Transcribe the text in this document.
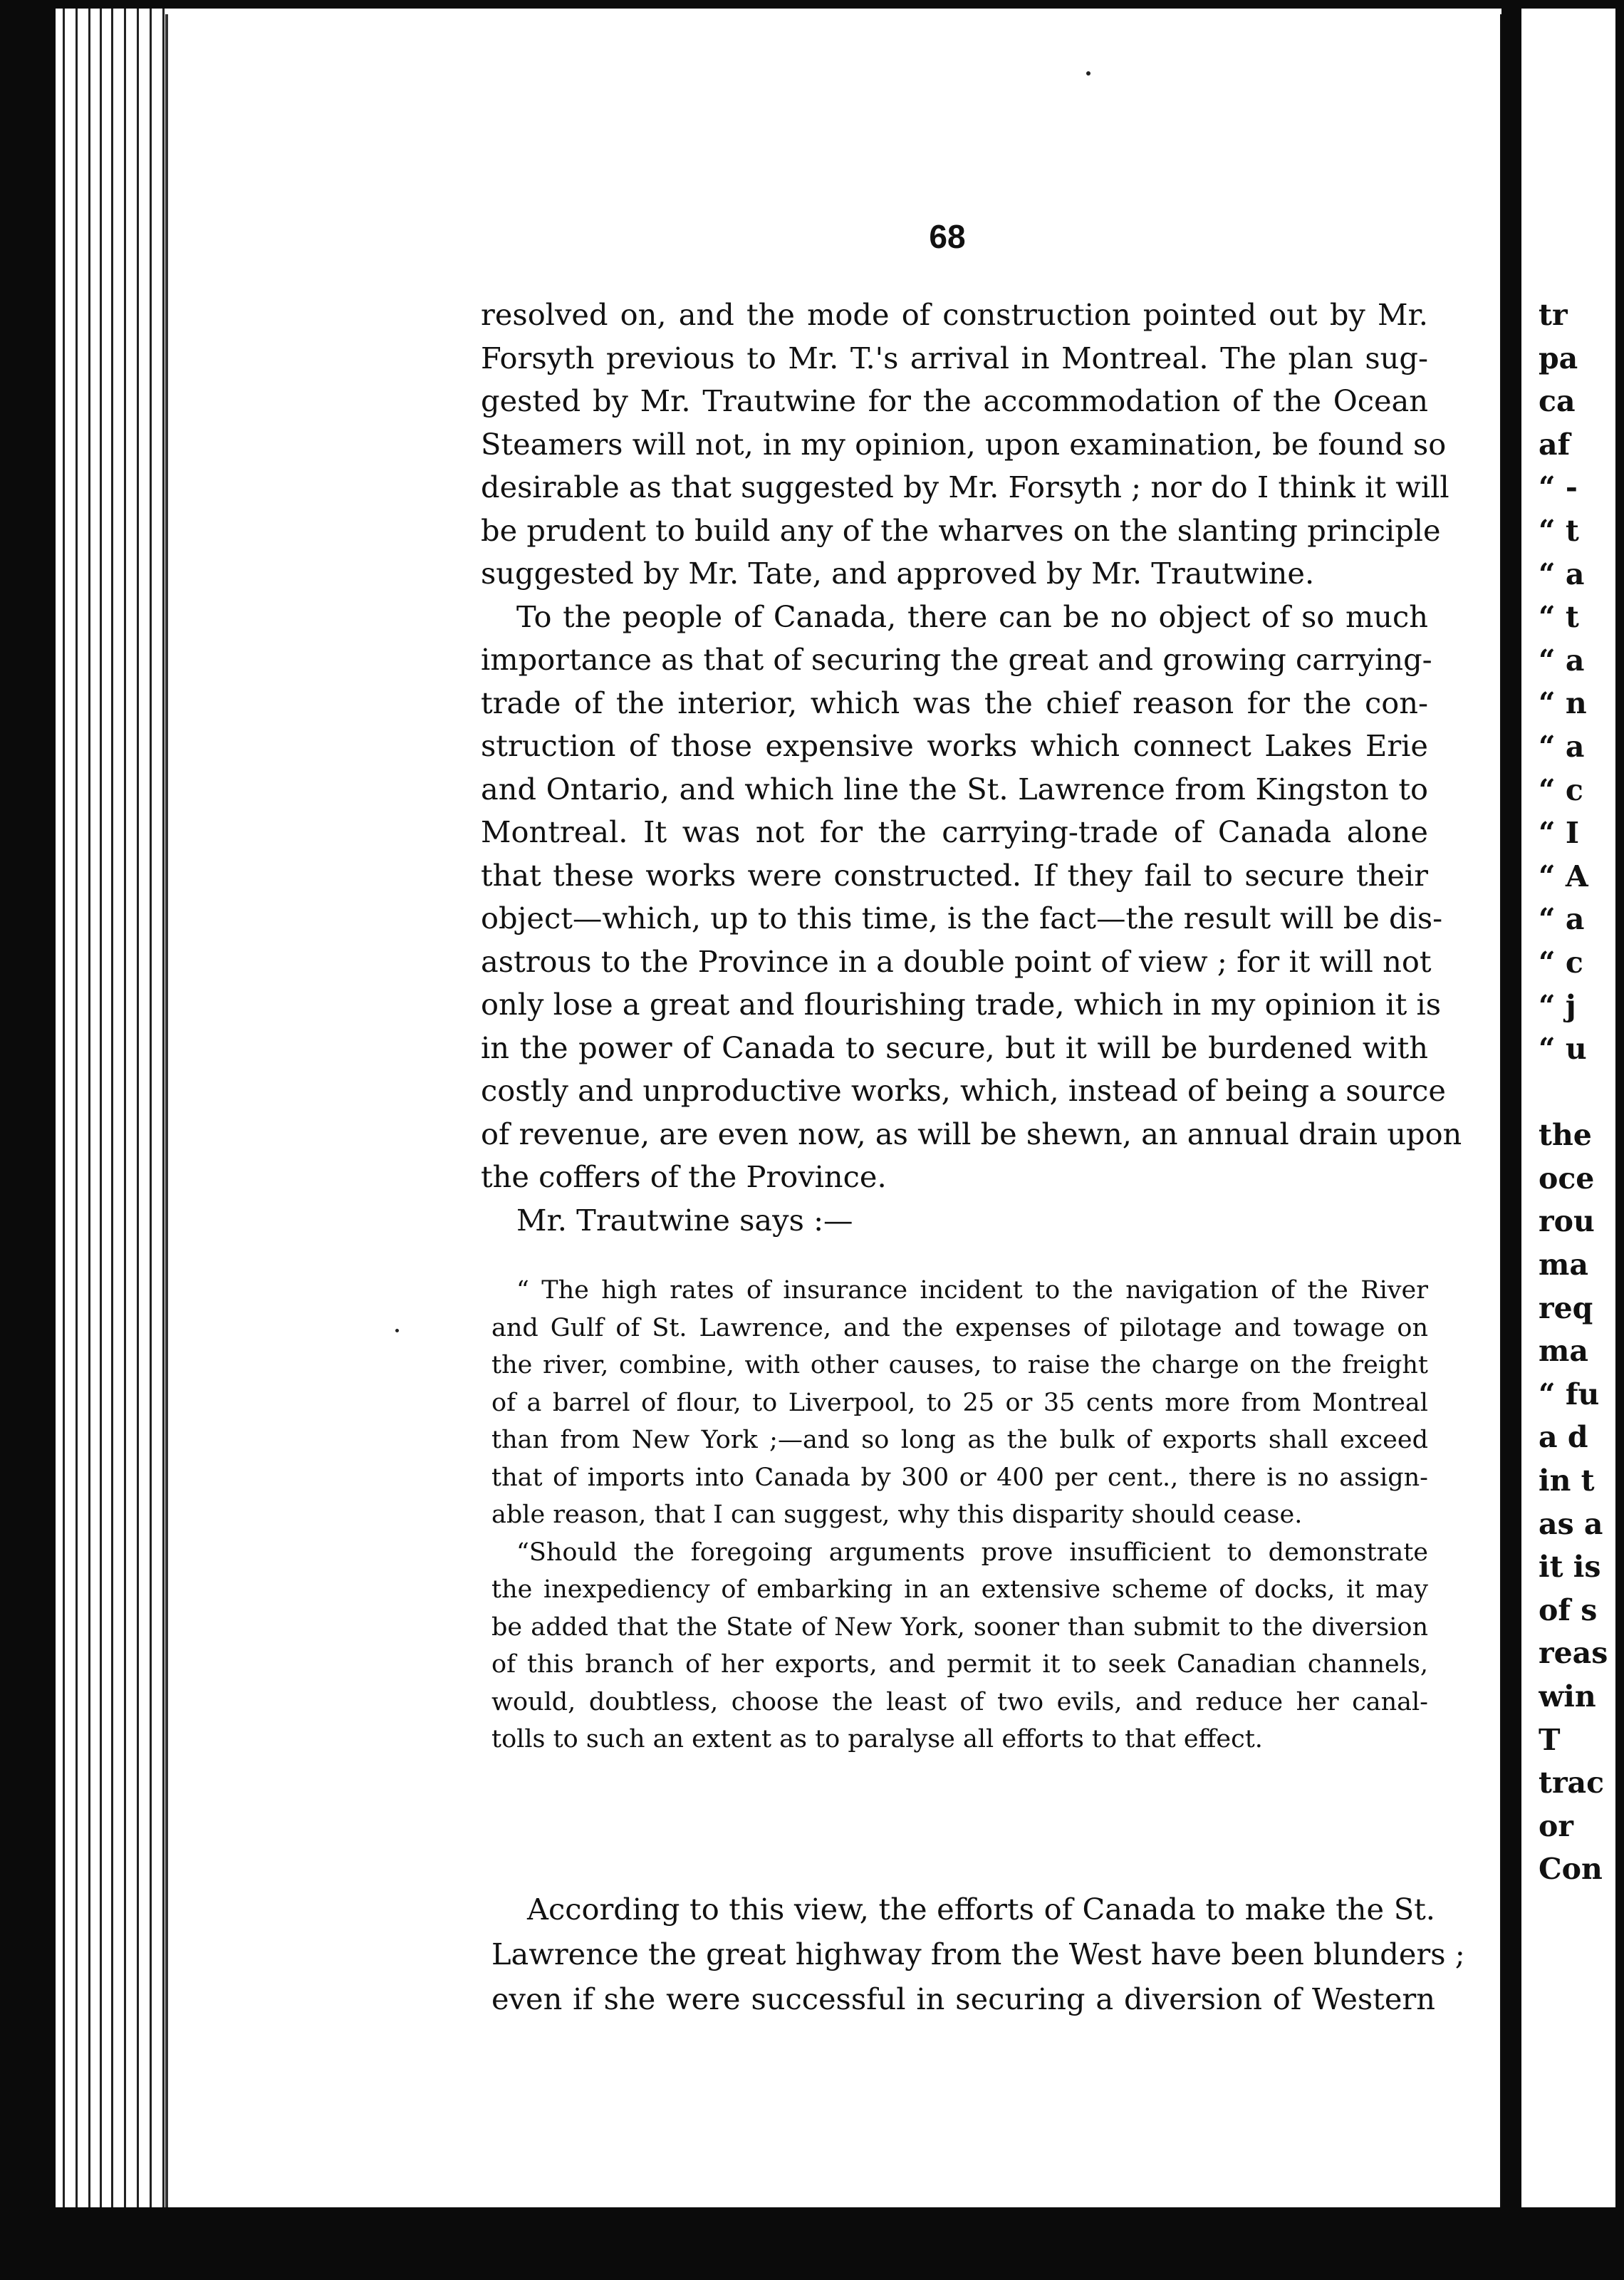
68
resolved on, and the mode of construction pointed out by Mr.
Forsyth previous to Mr. T.'s arrival in Montreal. The plan sug-
gested by Mr. Trautwine for the accommodation of the Ocean
Steamers will not, in my opinion, upon examination, be found so
desirable as that suggested by Mr. Forsyth ; nor do I think it will
be prudent to build any of the wharves on the slanting principle
suggested by Mr. Tate, and approved by Mr. Trautwine.
To the people of Canada, there can be no object of so much
importance as that of securing the great and growing carrying-
trade of the interior, which was the chief reason for the con-
struction of those expensive works which connect Lakes Erie
and Ontario, and which line the St. Lawrence from Kingston to
Montreal. It was not for the carrying-trade of Canada alone
that these works were constructed. If they fail to secure their
object—which, up to this time, is the fact—the result will be dis-
astrous to the Province in a double point of view ; for it will not
only lose a great and flourishing trade, which in my opinion it is
in the power of Canada to secure, but it will be burdened with
costly and unproductive works, which, instead of being a source
of revenue, are even now, as will be shewn, an annual drain upon
the coffers of the Province.
Mr. Trautwine says :—
“ The high rates of insurance incident to the navigation of the River
and Gulf of St. Lawrence, and the expenses of pilotage and towage on
the river, combine, with other causes, to raise the charge on the freight
of a barrel of flour, to Liverpool, to 25 or 35 cents more from Montreal
than from New York ;—and so long as the bulk of exports shall exceed
that of imports into Canada by 300 or 400 per cent., there is no assign-
able reason, that I can suggest, why this disparity should cease.
“Should the foregoing arguments prove insufficient to demonstrate
the inexpediency of embarking in an extensive scheme of docks, it may
be added that the State of New York, sooner than submit to the diversion
of this branch of her exports, and permit it to seek Canadian channels,
would, doubtless, choose the least of two evils, and reduce her canal-
tolls to such an extent as to paralyse all efforts to that effect.
According to this view, the efforts of Canada to make the St.
Lawrence the great highway from the West have been blunders ;
even if she were successful in securing a diversion of Western
tr
pa
ca
af
“ -
“ t
“ a
“ t
“ a
“ n
“ a
“ c
“ I
“ A
“ a
“ c
“ j
“ u
the
oce
rou
ma
req
ma
“ fu
a d
in t
as a
it is
of s
reas
win
T
trac
or
Con
